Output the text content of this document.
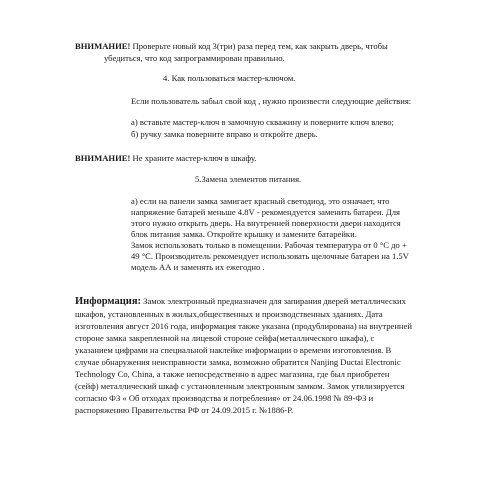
ВНИМАНИЕ! Проверьте новый код 3(три) раза перед тем, как закрыть дверь, чтобы
убедиться, что код запрограммирован правильно.
4. Как пользоваться мастер-ключом.
Если пользователь забыл свой код , нужно произвести следующие действия:
а) вставьте мастер-ключ в замочную скважину и поверните ключ влево;
б) ручку замка поверните вправо и откройте дверь.
ВНИМАНИЕ! Не храните мастер-ключ в шкафу.
5.Замена элементов питания.
а) если на панели замка замигает красный светодиод, это означает, что
напряжение батарей меньше 4.8V - рекомендуется заменить батареи. Для
этого нужно открыть дверь. На внутренней поверхности двери находится
блок питания замка. Откройте крышку и замените батарейки.
Замок использовать только в помещении. Рабочая температура от 0 °С до +
49 °С. Производитель рекомендует использовать щелочные батареи на 1.5V
модель АА и заменять их ежегодно .
Информация: Замок электронный предназначен для запирания дверей металлических
шкафов, установленных в жилых,общественных и производственных зданиях. Дата
изготовления август 2016 года, информация также указана (продублирована) на внутренней
стороне замка закрепленной на лицевой стороне сейфа(металлического шкафа), с
указанием цифрами на специальной наклейке информации о времени изготовления. В
случае обнаружения неисправности замка, возможно обратится Nanjing Ductai Electronic
Technology Co, China, а также непосредственно в адрес магазина, где был приобретен
(сейф) металлический шкаф с установленным электронным замком. Замок утилизируется
согласно ФЗ « Об отходах производства и потребления» от 24.06.1998 № 89-ФЗ и
распоряжению Правительства РФ от 24.09.2015 г. №1886-Р.
